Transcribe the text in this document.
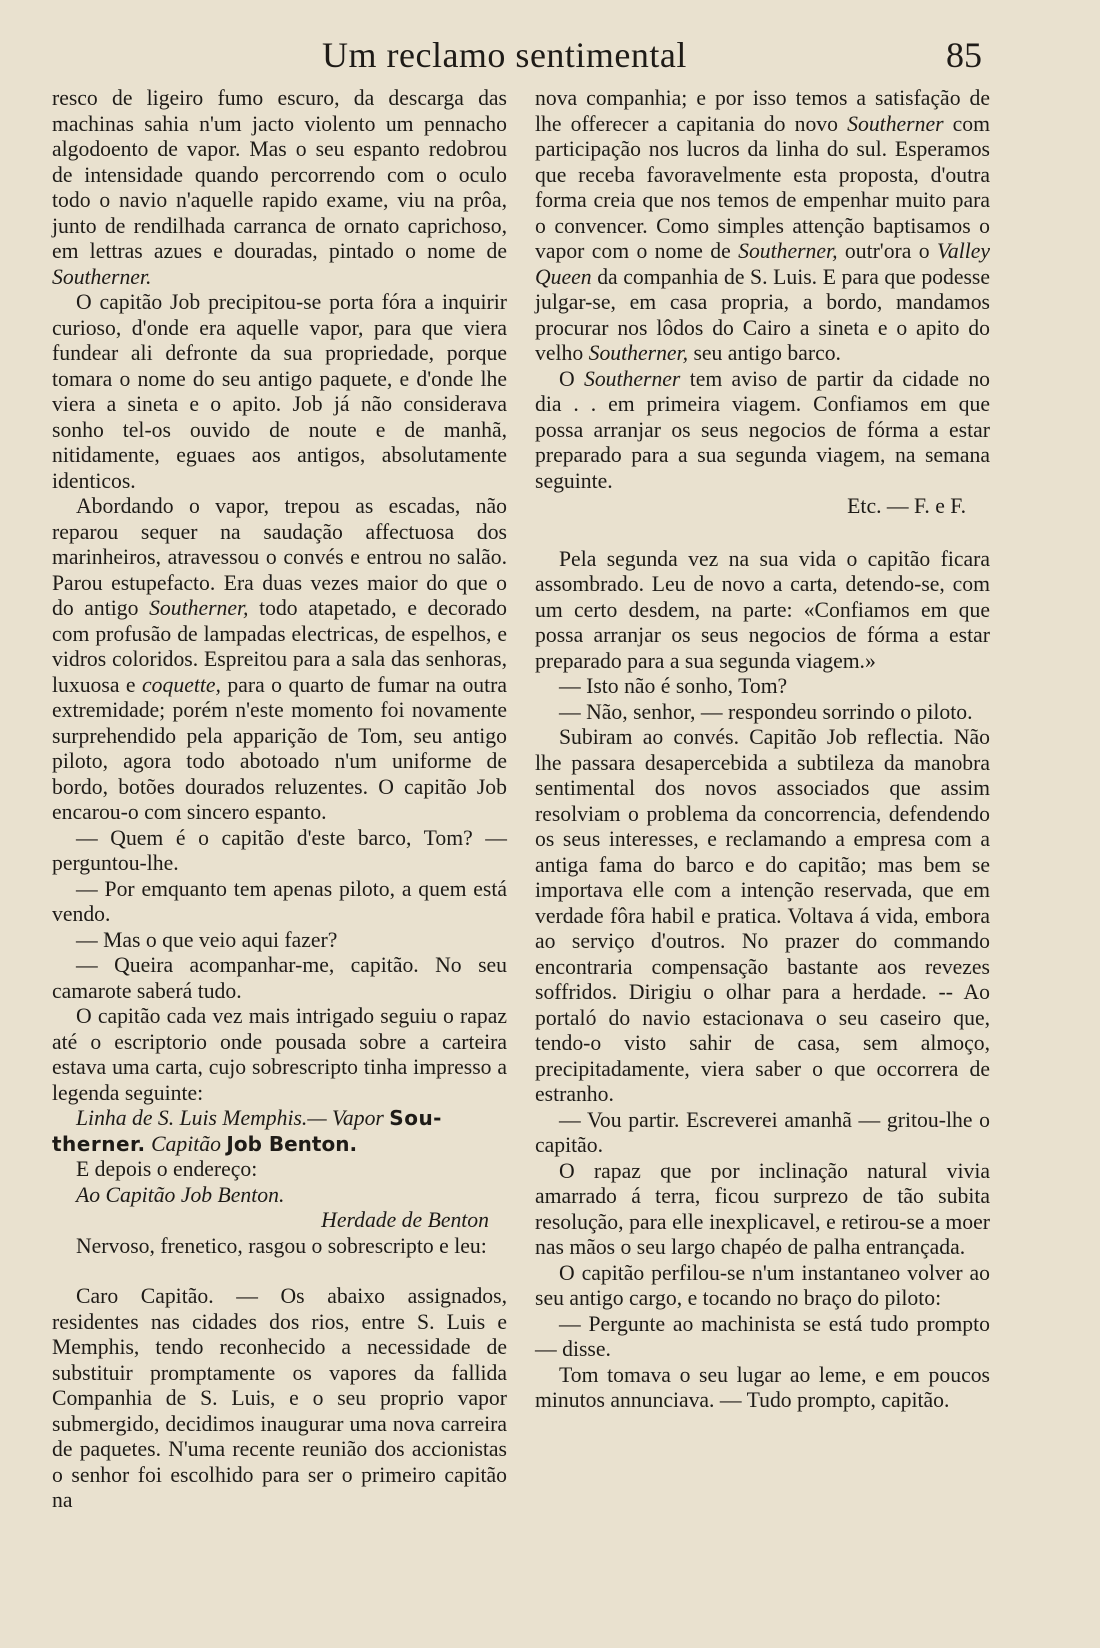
Um reclamo sentimental	85

resco de ligeiro fumo escuro, da descarga das machinas sahia n'um jacto violento um pennacho algodoento de vapor. Mas o seu espanto redobrou de intensidade quando percorrendo com o oculo todo o navio n'aquelle rapido exame, viu na prôa, junto de rendilhada carranca de ornato caprichoso, em lettras azues e douradas, pintado o nome de Southerner.

O capitão Job precipitou-se porta fóra a inquirir curioso, d'onde era aquelle vapor, para que viera fundear ali defronte da sua propriedade, porque tomara o nome do seu antigo paquete, e d'onde lhe viera a sineta e o apito. Job já não considerava sonho tel-os ouvido de noute e de manhã, nitidamente, eguaes aos antigos, absolutamente identicos.

Abordando o vapor, trepou as escadas, não reparou sequer na saudação affectuosa dos marinheiros, atravessou o convés e entrou no salão. Parou estupefacto. Era duas vezes maior do que o do antigo Southerner, todo atapetado, e decorado com profusão de lampadas electricas, de espelhos, e vidros coloridos. Espreitou para a sala das senhoras, luxuosa e coquette, para o quarto de fumar na outra extremidade; porém n'este momento foi novamente surprehendido pela apparição de Tom, seu antigo piloto, agora todo abotoado n'um uniforme de bordo, botões dourados reluzentes. O capitão Job encarou-o com sincero espanto.

— Quem é o capitão d'este barco, Tom? — perguntou-lhe.

— Por emquanto tem apenas piloto, a quem está vendo.

— Mas o que veio aqui fazer?

— Queira acompanhar-me, capitão. No seu camarote saberá tudo.

O capitão cada vez mais intrigado seguiu o rapaz até o escriptorio onde pousada sobre a carteira estava uma carta, cujo sobrescripto tinha impresso a legenda seguinte:

Linha de S. Luis Memphis.— Vapor Sou-

therner. Capitão Job Benton.

E depois o endereço:

Ao Capitão Job Benton.

Herdade de Benton

Nervoso, frenetico, rasgou o sobrescripto e leu:

Caro Capitão. — Os abaixo assignados, residentes nas cidades dos rios, entre S. Luis e Memphis, tendo reconhecido a necessidade de substituir promptamente os vapores da fallida Companhia de S. Luis, e o seu proprio vapor submergido, decidimos inaugurar uma nova carreira de paquetes. N'uma recente reunião dos accionistas o senhor foi escolhido para ser o primeiro capitão na

nova companhia; e por isso temos a satisfação de lhe offerecer a capitania do novo Southerner com participação nos lucros da linha do sul. Esperamos que receba favoravelmente esta proposta, d'outra forma creia que nos temos de empenhar muito para o convencer. Como simples attenção baptisamos o vapor com o nome de Southerner, outr'ora o Valley Queen da companhia de S. Luis. E para que podesse julgar-se, em casa propria, a bordo, mandamos procurar nos lôdos do Cairo a sineta e o apito do velho Southerner, seu antigo barco.

O Southerner tem aviso de partir da cidade no dia . . em primeira viagem. Confiamos em que possa arranjar os seus negocios de fórma a estar preparado para a sua segunda viagem, na semana seguinte.

Etc. — F. e F.

Pela segunda vez na sua vida o capitão ficara assombrado. Leu de novo a carta, detendo-se, com um certo desdem, na parte: «Confiamos em que possa arranjar os seus negocios de fórma a estar preparado para a sua segunda viagem.»

— Isto não é sonho, Tom?

— Não, senhor, — respondeu sorrindo o piloto.

Subiram ao convés. Capitão Job reflectia. Não lhe passara desapercebida a subtileza da manobra sentimental dos novos associados que assim resolviam o problema da concorrencia, defendendo os seus interesses, e reclamando a empresa com a antiga fama do barco e do capitão; mas bem se importava elle com a intenção reservada, que em verdade fôra habil e pratica. Voltava á vida, embora ao serviço d'outros. No prazer do commando encontraria compensação bastante aos revezes soffridos. Dirigiu o olhar para a herdade. -- Ao portaló do navio estacionava o seu caseiro que, tendo-o visto sahir de casa, sem almoço, precipitadamente, viera saber o que occorrera de estranho.

— Vou partir. Escreverei amanhã — gritou-lhe o capitão.

O rapaz que por inclinação natural vivia amarrado á terra, ficou surprezo de tão subita resolução, para elle inexplicavel, e retirou-se a moer nas mãos o seu largo chapéo de palha entrançada.

O capitão perfilou-se n'um instantaneo volver ao seu antigo cargo, e tocando no braço do piloto:

— Pergunte ao machinista se está tudo prompto — disse.

Tom tomava o seu lugar ao leme, e em poucos minutos annunciava. — Tudo prompto, capitão.
